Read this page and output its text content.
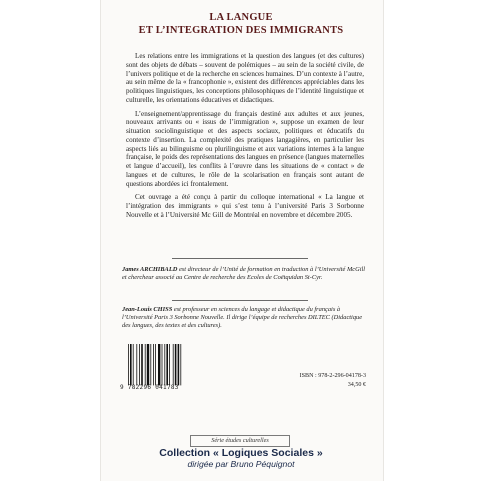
LA LANGUE
ET L’INTEGRATION DES IMMIGRANTS

Les relations entre les immigrations et la question des langues (et des cultures) sont des objets de débats – souvent de polémiques – au sein de la société civile, de l’univers politique et de la recherche en sciences humaines. D’un contexte à l’autre, au sein même de la « francophonie », existent des différences appréciables dans les politiques linguistiques, les conceptions philosophiques de l’identité linguistique et culturelle, les orientations éducatives et didactiques.

L’enseignement/apprentissage du français destiné aux adultes et aux jeunes, nouveaux arrivants ou « issus de l’immigration », suppose un examen de leur situation sociolinguistique et des aspects sociaux, politiques et éducatifs du contexte d’insertion. La complexité des pratiques langagières, en particulier les aspects liés au bilinguisme ou plurilinguisme et aux variations internes à la langue française, le poids des représentations des langues en présence (langues maternelles et langue d’accueil), les conflits à l’œuvre dans les situations de « contact » de langues et de cultures, le rôle de la scolarisation en français sont autant de questions abordées ici frontalement.

Cet ouvrage a été conçu à partir du colloque international « La langue et l’intégration des immigrants » qui s’est tenu à l’université Paris 3 Sorbonne Nouvelle et à l’Université Mc Gill de Montréal en novembre et décembre 2005.

James ARCHIBALD est directeur de l’Unité de formation en traduction à l’Université McGill et chercheur associé au Centre de recherche des Ecoles de Coëtquidan St-Cyr.
Jean-Louis CHISS est professeur en sciences du langage et didactique du français à l’Université Paris 3 Sorbonne Nouvelle. Il dirige l’équipe de recherches DILTEC (Didactique des langues, des textes et des cultures).
9 782296 041783
ISBN : 978-2-296-04178-3
34,50 €
Série études culturelles
Collection « Logiques Sociales »
dirigée par Bruno Péquignot
